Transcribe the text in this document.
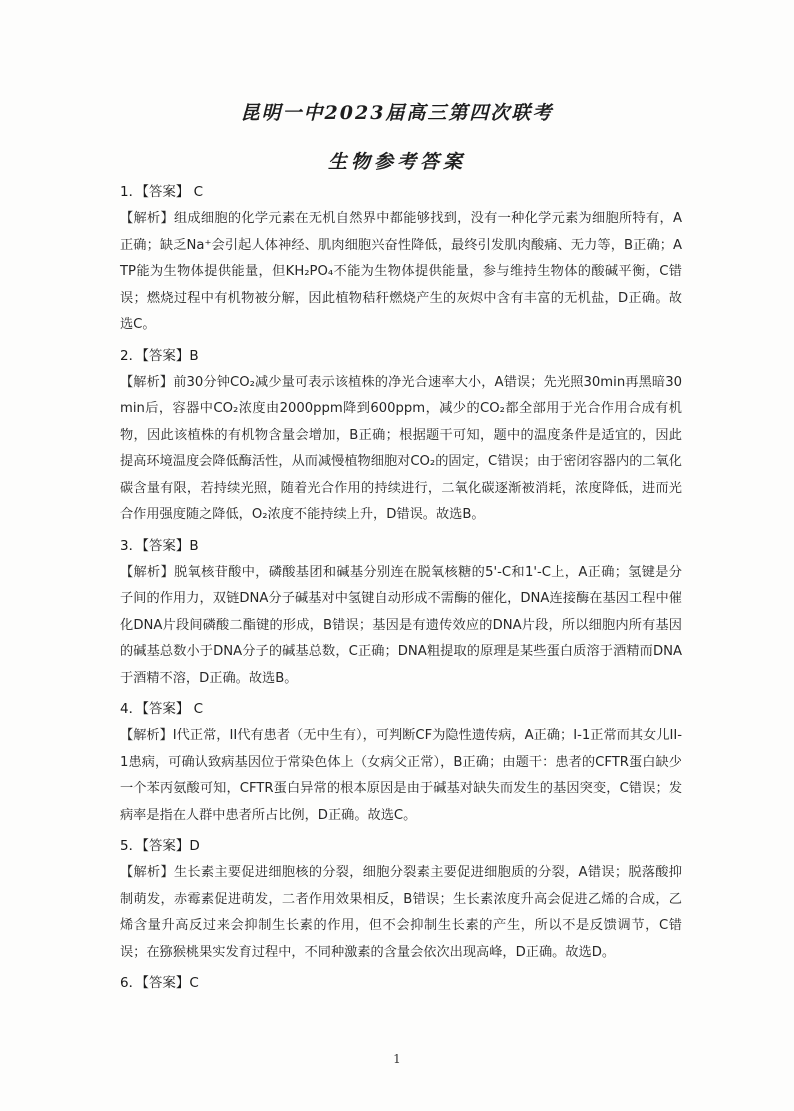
昆明一中2023届高三第四次联考
生物参考答案
1．【答案】 C

【解析】组成细胞的化学元素在无机自然界中都能够找到，没有一种化学元素为细胞所特有，A正确；缺乏Na⁺会引起人体神经、肌肉细胞兴奋性降低，最终引发肌肉酸痛、无力等，B正确；ATP能为生物体提供能量，但KH₂PO₄不能为生物体提供能量，参与维持生物体的酸碱平衡，C错误；燃烧过程中有机物被分解，因此植物秸秆燃烧产生的灰烬中含有丰富的无机盐，D正确。故选C。

2．【答案】B

【解析】前30分钟CO₂减少量可表示该植株的净光合速率大小，A错误；先光照30min再黑暗30min后，容器中CO₂浓度由2000ppm降到600ppm，减少的CO₂都全部用于光合作用合成有机物，因此该植株的有机物含量会增加，B正确；根据题干可知，题中的温度条件是适宜的，因此提高环境温度会降低酶活性，从而减慢植物细胞对CO₂的固定，C错误；由于密闭容器内的二氧化碳含量有限，若持续光照，随着光合作用的持续进行，二氧化碳逐渐被消耗，浓度降低，进而光合作用强度随之降低，O₂浓度不能持续上升，D错误。故选B。

3．【答案】B

【解析】脱氧核苷酸中，磷酸基团和碱基分别连在脱氧核糖的5'-C和1'-C上，A正确；氢键是分子间的作用力，双链DNA分子碱基对中氢键自动形成不需酶的催化，DNA连接酶在基因工程中催化DNA片段间磷酸二酯键的形成，B错误；基因是有遗传效应的DNA片段，所以细胞内所有基因的碱基总数小于DNA分子的碱基总数，C正确；DNA粗提取的原理是某些蛋白质溶于酒精而DNA于酒精不溶，D正确。故选B。

4．【答案】 C

【解析】I代正常，II代有患者（无中生有），可判断CF为隐性遗传病，A正确；I-1正常而其女儿II-1患病，可确认致病基因位于常染色体上（女病父正常），B正确；由题干：患者的CFTR蛋白缺少一个苯丙氨酸可知，CFTR蛋白异常的根本原因是由于碱基对缺失而发生的基因突变，C错误；发病率是指在人群中患者所占比例，D正确。故选C。

5．【答案】D

【解析】生长素主要促进细胞核的分裂，细胞分裂素主要促进细胞质的分裂，A错误；脱落酸抑制萌发，赤霉素促进萌发，二者作用效果相反，B错误；生长素浓度升高会促进乙烯的合成，乙烯含量升高反过来会抑制生长素的作用，但不会抑制生长素的产生，所以不是反馈调节，C错误；在猕猴桃果实发育过程中，不同种激素的含量会依次出现高峰，D正确。故选D。

6．【答案】C
1
